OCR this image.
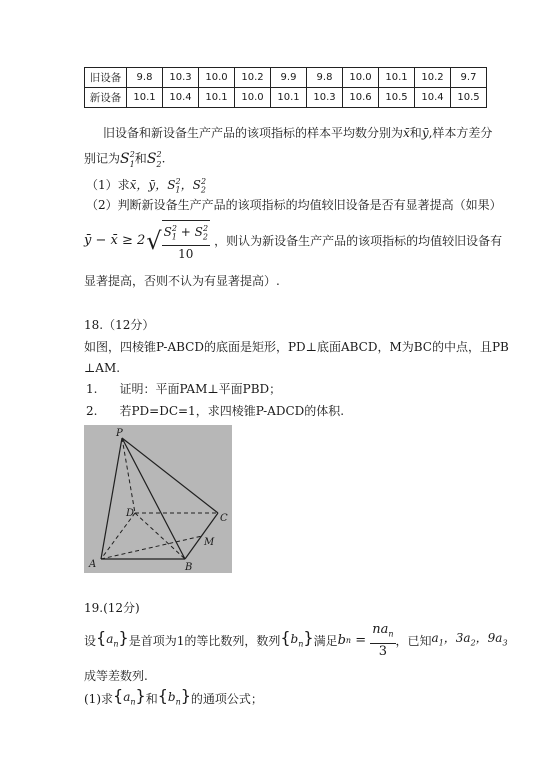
旧设备	9.8	10.3	10.0	10.2	9.9	9.8	10.0	10.1	10.2	9.7
新设备	10.1	10.4	10.1	10.0	10.1	10.3	10.6	10.5	10.4	10.5
旧设备和新设备生产产品的该项指标的样本平均数分别为x̄和ȳ,样本方差分
别记为$S_1^2$和$S_2^2$.
（1）求x̄，ȳ，$S_1^2$，$S_2^2$
（2）判断新设备生产产品的该项指标的均值较旧设备是否有显著提高（如果）
ȳ − x̄ ≥ 2 √ $\frac{S_1^2 + S_2^2}{10}$ ，则认为新设备生产产品的该项指标的均值较旧设备有
显著提高，否则不认为有显著提高）.
18.（12分）
如图，四棱锥P-ABCD的底面是矩形，PD⊥底面ABCD，M为BC的中点，且PB
⊥AM.
1. 证明：平面PAM⊥平面PBD；
2. 若PD=DC=1，求四棱锥P-ADCD的体积.
P
D	C
M
A	B
19.(12分)
设 $\{a_n\}$ 是首项为1的等比数列，数列 $\{b_n\}$ 满足 b $n = \frac{na_n}{3}$ ，已知 $a_1$，$3a_2$，$9a_3$
成等差数列.
(1)求 $\{a_n\}$ 和 $\{b_n\}$ 的通项公式；
